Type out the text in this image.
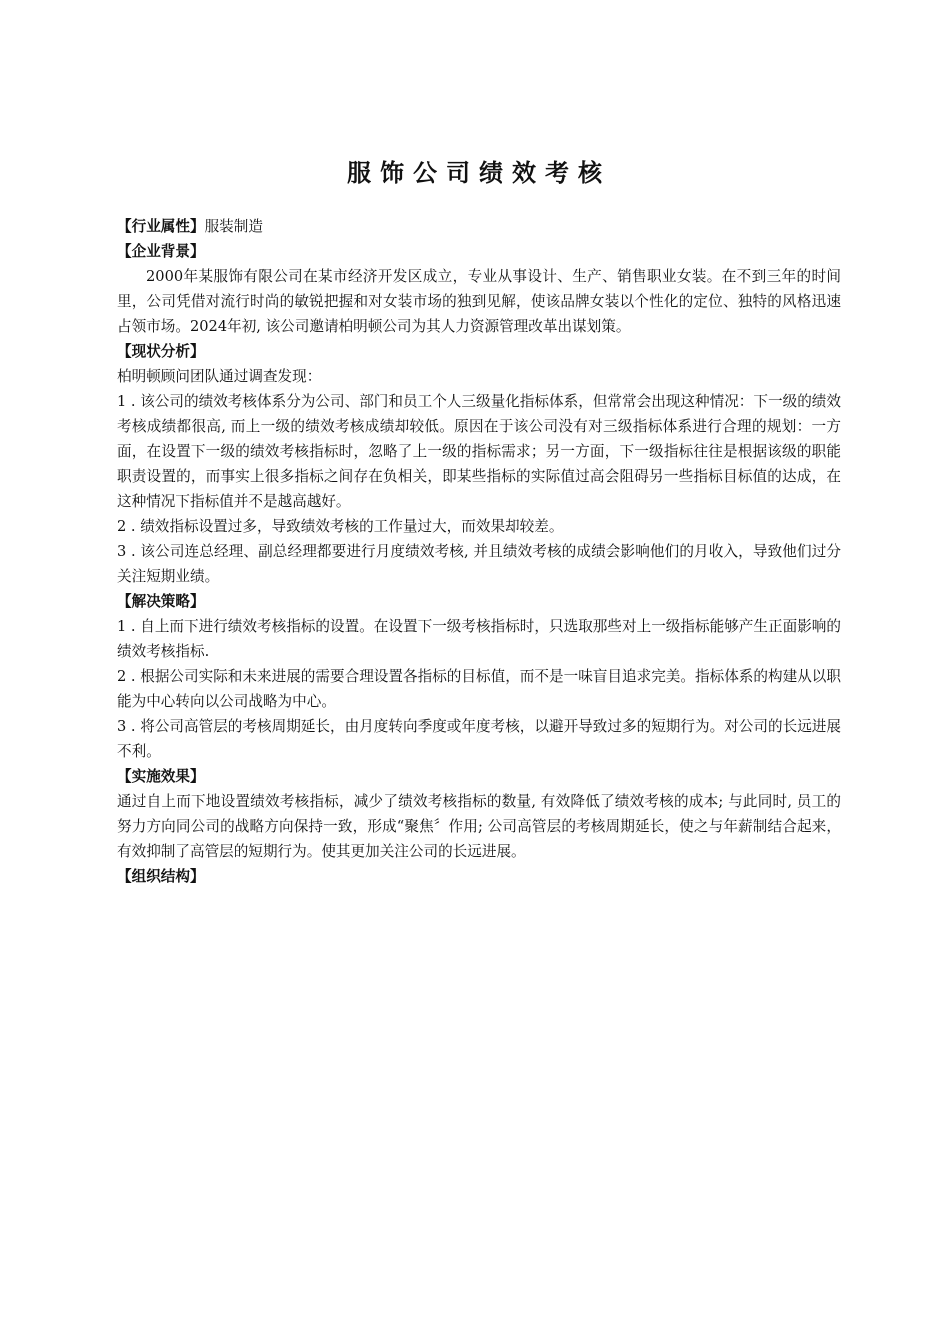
服饰公司绩效考核

【行业属性】服装制造

【企业背景】

2000年某服饰有限公司在某市经济开发区成立，专业从事设计、生产、销售职业女装。在不到三年的时间里，公司凭借对流行时尚的敏锐把握和对女装市场的独到见解，使该品牌女装以个性化的定位、独特的风格迅速占领市场。2024年初, 该公司邀请柏明顿公司为其人力资源管理改革出谋划策。

【现状分析】

柏明顿顾问团队通过调查发现：

1 . 该公司的绩效考核体系分为公司、部门和员工个人三级量化指标体系，但常常会出现这种情况：下一级的绩效考核成绩都很高, 而上一级的绩效考核成绩却较低。原因在于该公司没有对三级指标体系进行合理的规划：一方面，在设置下一级的绩效考核指标时，忽略了上一级的指标需求；另一方面，下一级指标往往是根据该级的职能职责设置的，而事实上很多指标之间存在负相关，即某些指标的实际值过高会阻碍另一些指标目标值的达成，在这种情况下指标值并不是越高越好。

2 . 绩效指标设置过多，导致绩效考核的工作量过大，而效果却较差。

3 . 该公司连总经理、副总经理都要进行月度绩效考核, 并且绩效考核的成绩会影响他们的月收入，导致他们过分关注短期业绩。

【解决策略】

1 . 自上而下进行绩效考核指标的设置。在设置下一级考核指标时，只选取那些对上一级指标能够产生正面影响的绩效考核指标.

2 . 根据公司实际和未来进展的需要合理设置各指标的目标值，而不是一味盲目追求完美。指标体系的构建从以职能为中心转向以公司战略为中心。

3 . 将公司高管层的考核周期延长，由月度转向季度或年度考核，以避开导致过多的短期行为。对公司的长远进展不利。

【实施效果】

通过自上而下地设置绩效考核指标，减少了绩效考核指标的数量, 有效降低了绩效考核的成本; 与此同时, 员工的努力方向同公司的战略方向保持一致，形成“聚焦〞作用; 公司高管层的考核周期延长，使之与年薪制结合起来，有效抑制了高管层的短期行为。使其更加关注公司的长远进展。

【组织结构】
